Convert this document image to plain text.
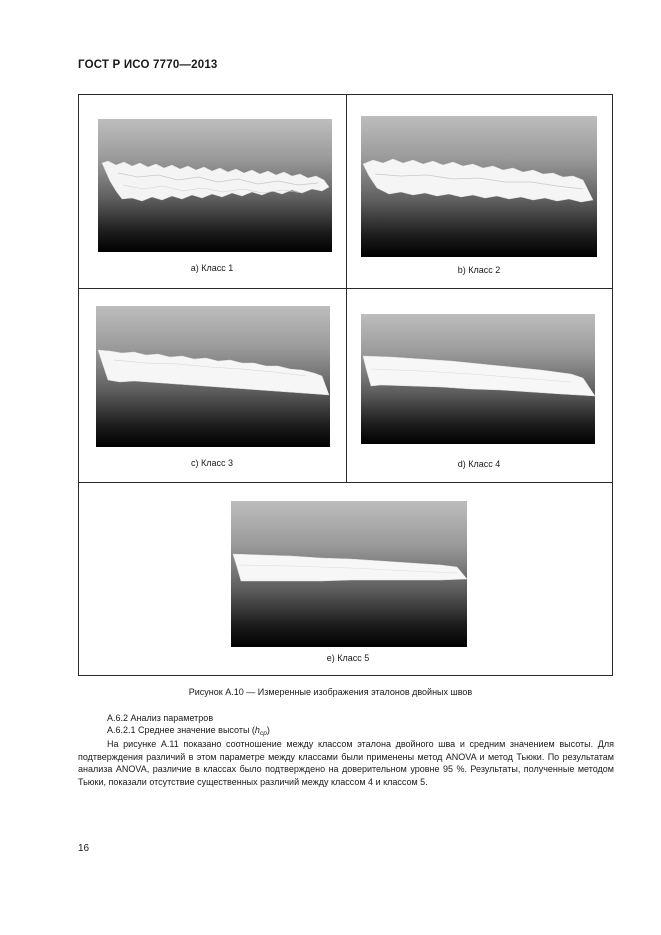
ГОСТ Р ИСО 7770—2013
a) Класс 1	b) Класс 2
c) Класс 3	d) Класс 4
e) Класс 5
Рисунок А.10 — Измеренные изображения эталонов двойных швов
А.6.2 Анализ параметров
А.6.2.1 Среднее значение высоты $(h_{ср})$
На рисунке А.11 показано соотношение между классом эталона двойного шва и средним значением высоты. Для подтверждения различий в этом параметре между классами были применены метод ANOVA и метод Тьюки. По результатам анализа ANOVA, различие в классах было подтверждено на доверительном уровне 95 %. Результаты, полученные методом Тьюки, показали отсутствие существенных различий между классом 4 и классом 5.
16
